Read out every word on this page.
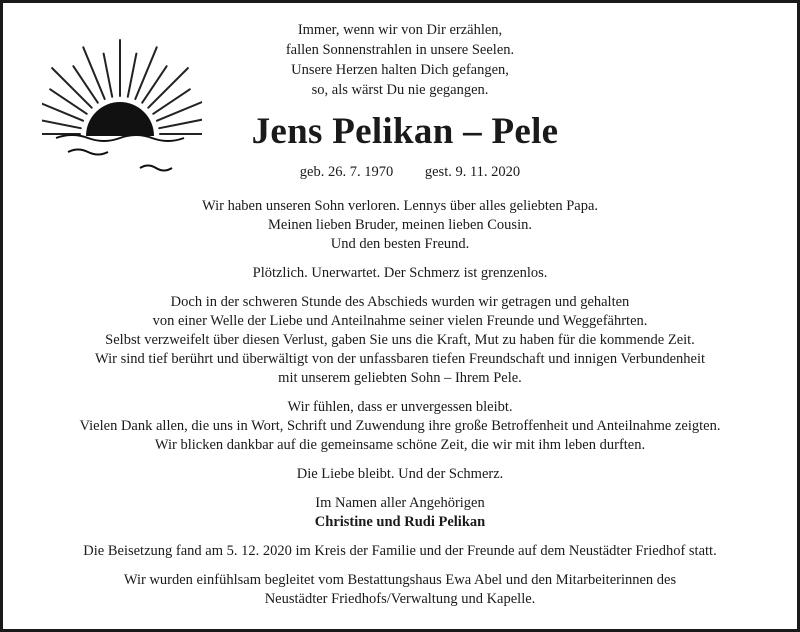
Immer, wenn wir von Dir erzählen,
fallen Sonnenstrahlen in unsere Seelen.
Unsere Herzen halten Dich gefangen,
so, als wärst Du nie gegangen.
Jens Pelikan – Pele
geb. 26. 7. 1970 gest. 9. 11. 2020
Wir haben unseren Sohn verloren. Lennys über alles geliebten Papa.
Meinen lieben Bruder, meinen lieben Cousin.
Und den besten Freund.
Plötzlich. Unerwartet. Der Schmerz ist grenzenlos.
Doch in der schweren Stunde des Abschieds wurden wir getragen und gehalten
von einer Welle der Liebe und Anteilnahme seiner vielen Freunde und Weggefährten.
Selbst verzweifelt über diesen Verlust, gaben Sie uns die Kraft, Mut zu haben für die kommende Zeit.
Wir sind tief berührt und überwältigt von der unfassbaren tiefen Freundschaft und innigen Verbundenheit
mit unserem geliebten Sohn – Ihrem Pele.
Wir fühlen, dass er unvergessen bleibt.
Vielen Dank allen, die uns in Wort, Schrift und Zuwendung ihre große Betroffenheit und Anteilnahme zeigten.
Wir blicken dankbar auf die gemeinsame schöne Zeit, die wir mit ihm leben durften.
Die Liebe bleibt. Und der Schmerz.
Im Namen aller Angehörigen
Christine und Rudi Pelikan
Die Beisetzung fand am 5. 12. 2020 im Kreis der Familie und der Freunde auf dem Neustädter Friedhof statt.
Wir wurden einfühlsam begleitet vom Bestattungshaus Ewa Abel und den Mitarbeiterinnen des
Neustädter Friedhofs/Verwaltung und Kapelle.
